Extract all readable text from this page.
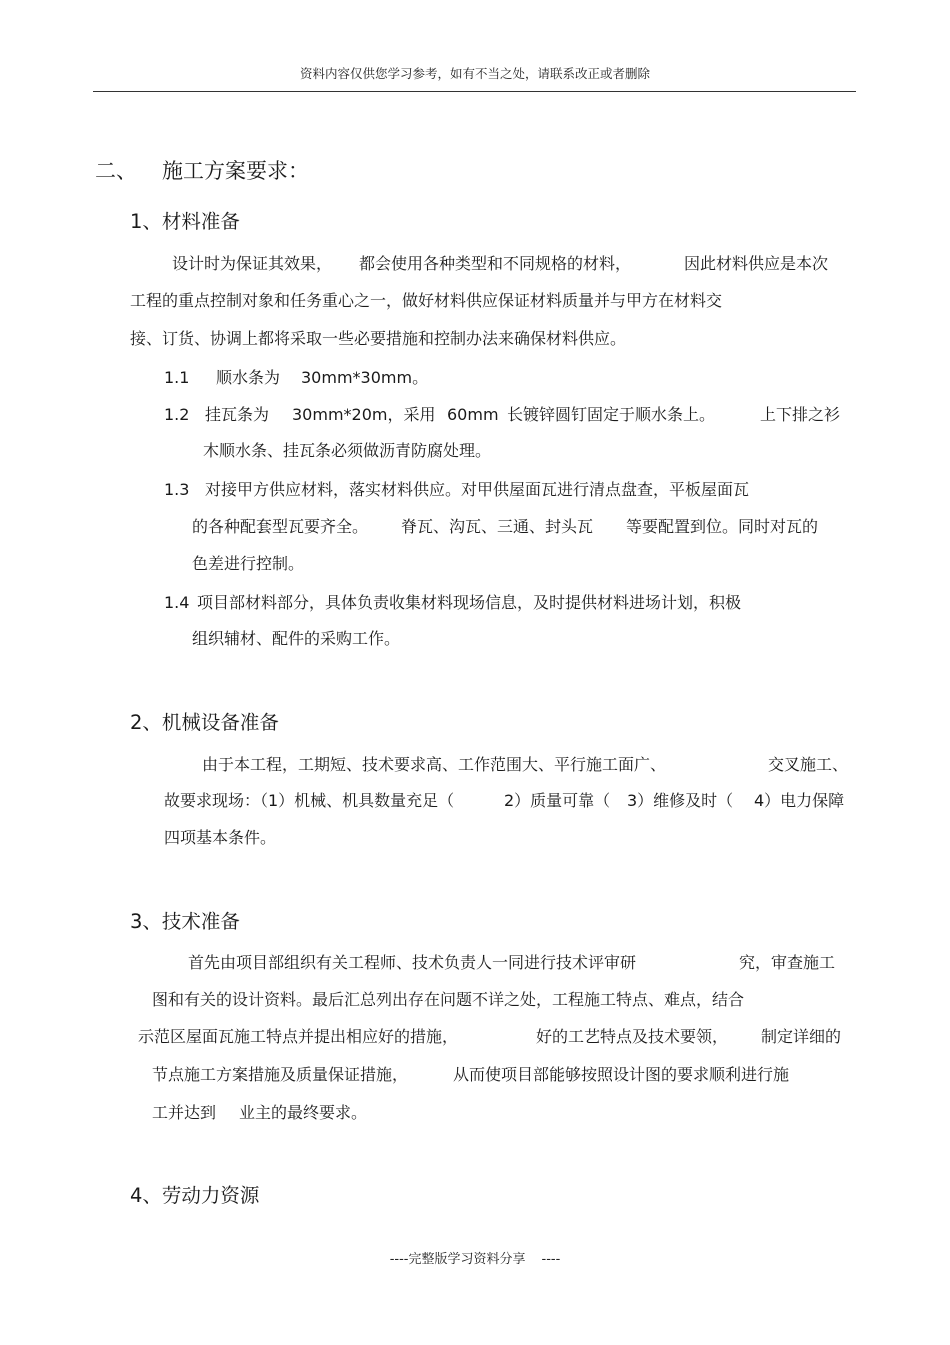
资料内容仅供您学习参考，如有不当之处，请联系改正或者删除
二、 施工方案要求：
1、材料准备
设计时为保证其效果， 都会使用各种类型和不同规格的材料，	因此材料供应是本次
工程的重点控制对象和任务重心之一，做好材料供应保证材料质量并与甲方在材料交
接、订货、协调上都将采取一些必要措施和控制办法来确保材料供应。
1.1 顺水条为 30mm*30mm。
1.2 挂瓦条为 30mm*20m，采用 60mm 长镀锌圆钉固定于顺水条上。	上下排之衫
木顺水条、挂瓦条必须做沥青防腐处理。
1.3 对接甲方供应材料，落实材料供应。对甲供屋面瓦进行清点盘查，平板屋面瓦
的各种配套型瓦要齐全。 脊瓦、沟瓦、三通、封头瓦 等要配置到位。同时对瓦的
色差进行控制。
1.4 项目部材料部分，具体负责收集材料现场信息，及时提供材料进场计划，积极
组织辅材、配件的采购工作。
2、机械设备准备
由于本工程，工期短、技术要求高、工作范围大、平行施工面广、	交叉施工、
故要求现场：（1）机械、机具数量充足（	2）质量可靠（ 3）维修及时（ 4）电力保障
四项基本条件。
3、技术准备
首先由项目部组织有关工程师、技术负责人一同进行技术评审研	究，审查施工
图和有关的设计资料。最后汇总列出存在问题不详之处，工程施工特点、难点，结合
示范区屋面瓦施工特点并提出相应好的措施，	好的工艺特点及技术要领， 制定详细的
节点施工方案措施及质量保证措施，	从而使项目部能够按照设计图的要求顺利进行施
工并达到 业主的最终要求。
4、劳动力资源
----完整版学习资料分享 ----
